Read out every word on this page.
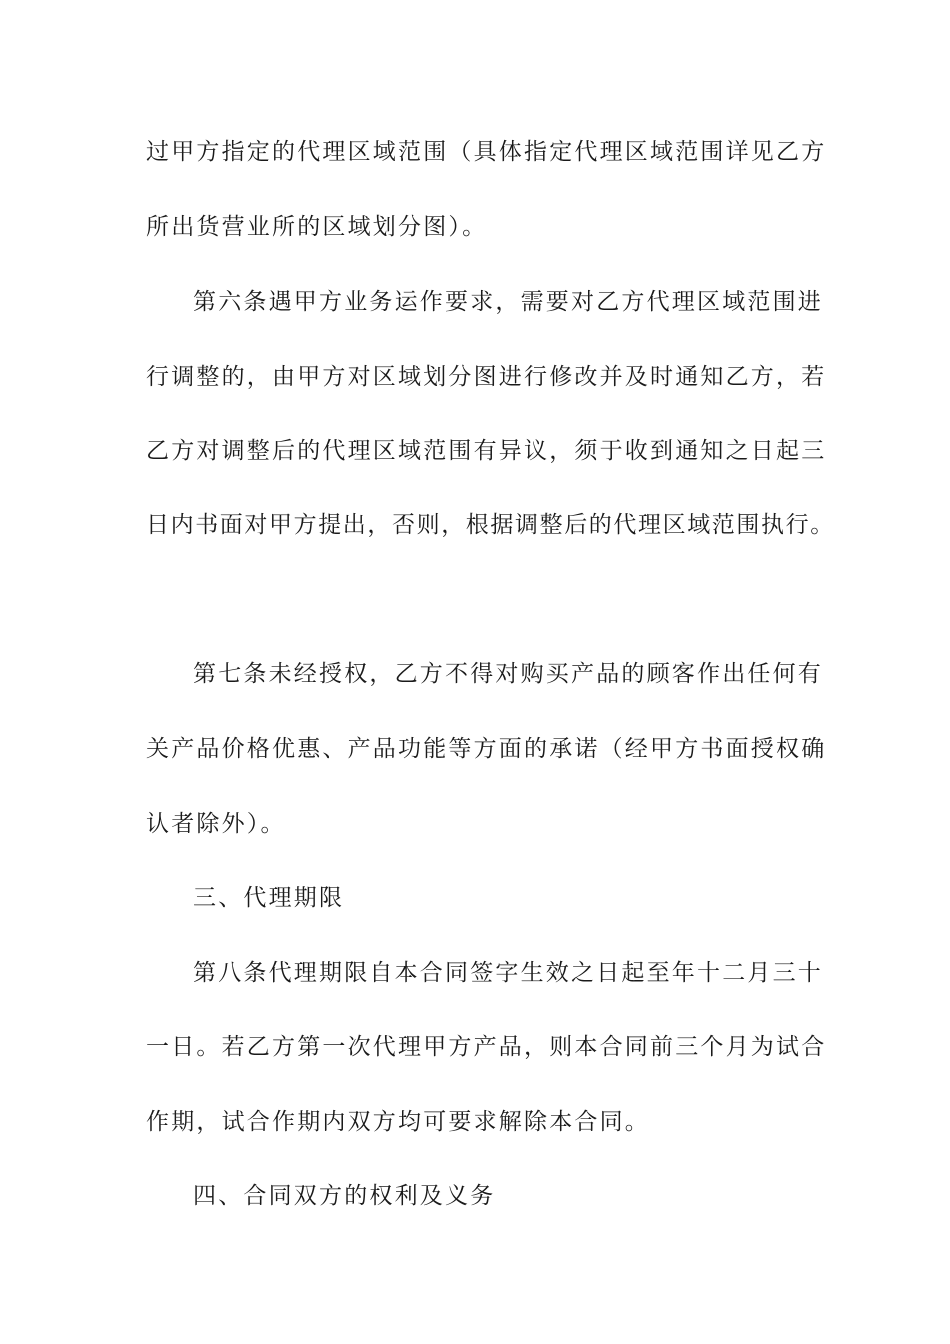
过甲方指定的代理区域范围（具体指定代理区域范围详见乙方
所出货营业所的区域划分图）。
第六条遇甲方业务运作要求，需要对乙方代理区域范围进
行调整的，由甲方对区域划分图进行修改并及时通知乙方，若
乙方对调整后的代理区域范围有异议，须于收到通知之日起三
日内书面对甲方提出，否则，根据调整后的代理区域范围执行。
第七条未经授权，乙方不得对购买产品的顾客作出任何有
关产品价格优惠、产品功能等方面的承诺（经甲方书面授权确
认者除外）。
三、代理期限
第八条代理期限自本合同签字生效之日起至年十二月三十
一日。若乙方第一次代理甲方产品，则本合同前三个月为试合
作期，试合作期内双方均可要求解除本合同。
四、合同双方的权利及义务
